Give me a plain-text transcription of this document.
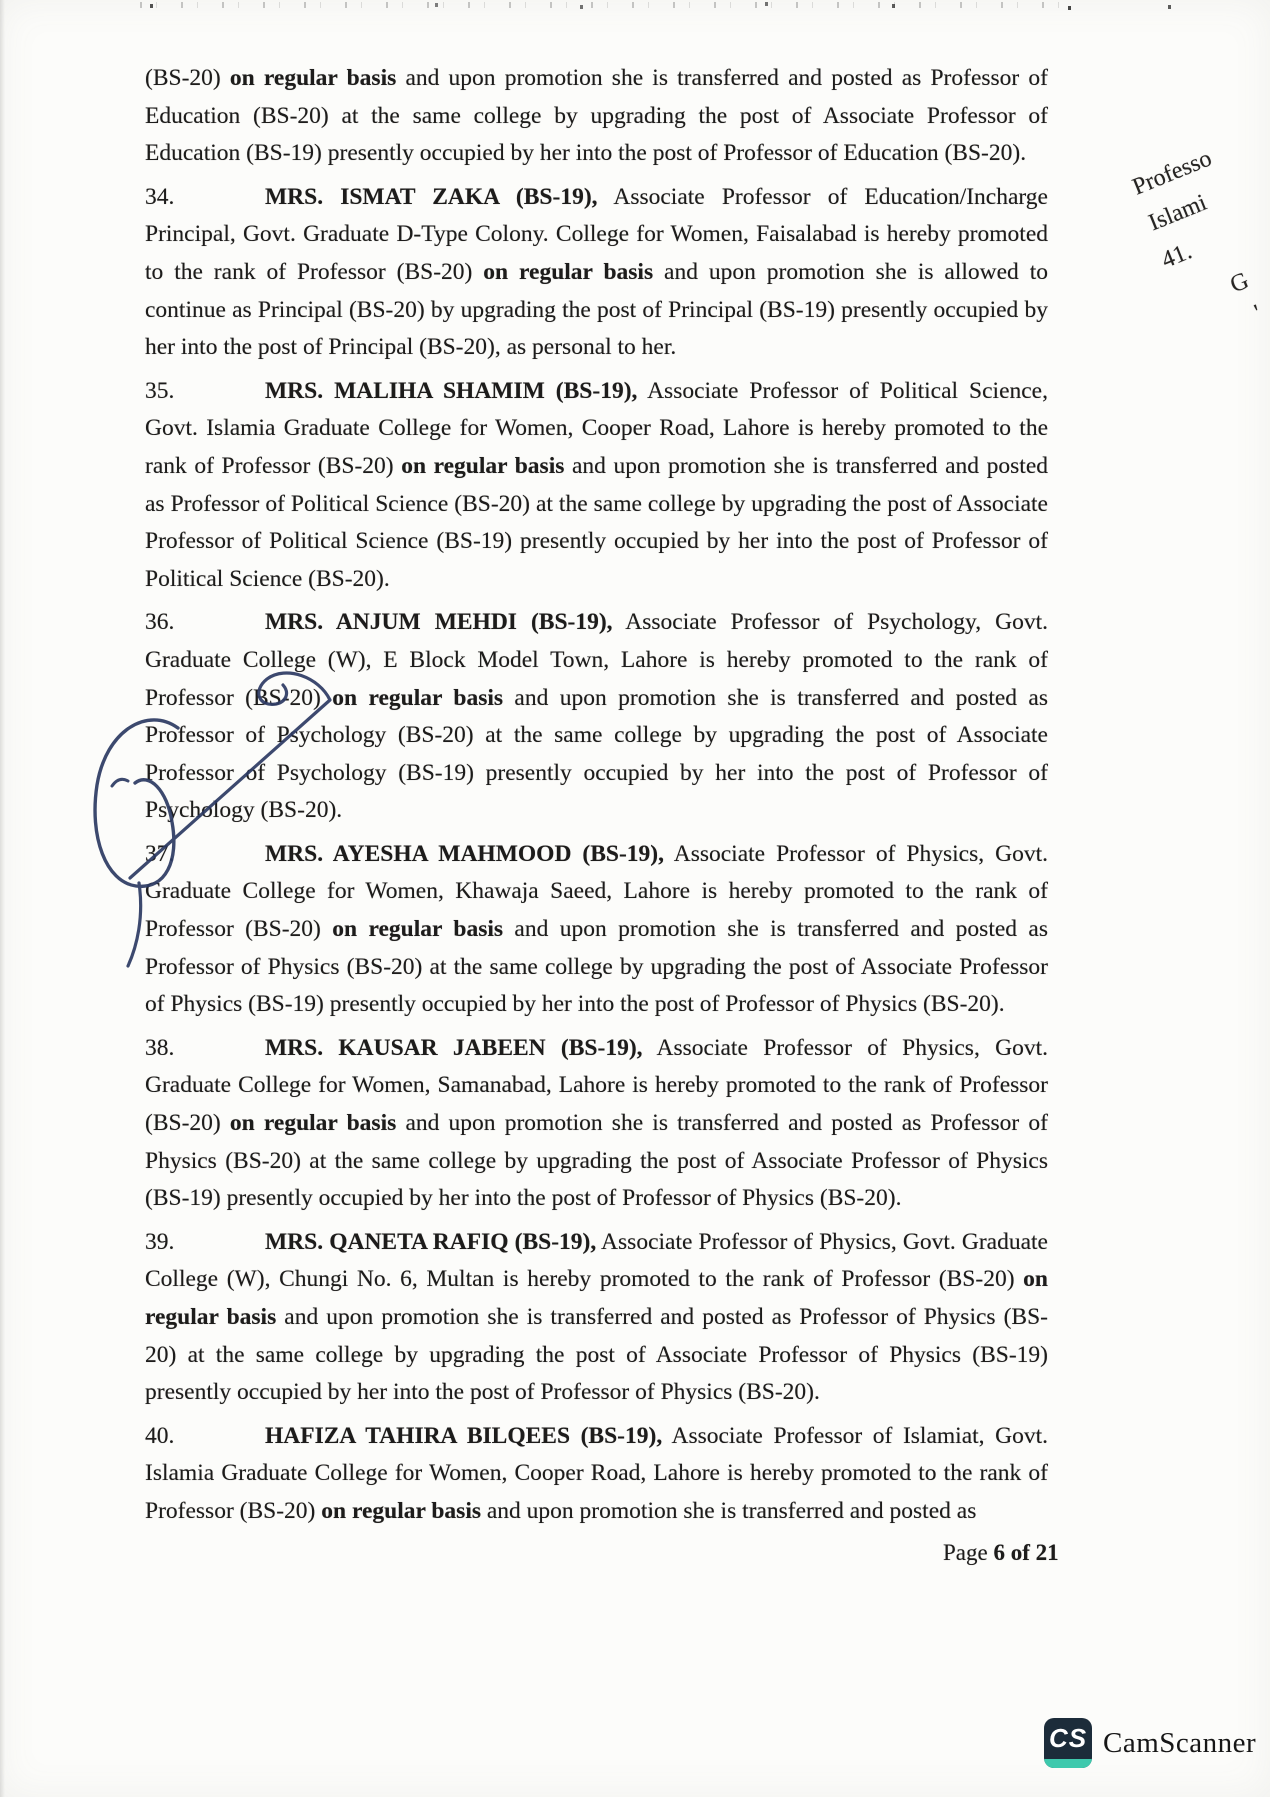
(BS-20) on regular basis and upon promotion she is transferred and posted as Professor of Education (BS-20) at the same college by upgrading the post of Associate Professor of Education (BS-19) presently occupied by her into the post of Professor of Education (BS-20).

34.	MRS. ISMAT ZAKA (BS-19), Associate Professor of Education/Incharge Principal, Govt. Graduate D-Type Colony. College for Women, Faisalabad is hereby promoted to the rank of Professor (BS-20) on regular basis and upon promotion she is allowed to continue as Principal (BS-20) by upgrading the post of Principal (BS-19) presently occupied by her into the post of Principal (BS-20), as personal to her.

35.	MRS. MALIHA SHAMIM (BS-19), Associate Professor of Political Science, Govt. Islamia Graduate College for Women, Cooper Road, Lahore is hereby promoted to the rank of Professor (BS-20) on regular basis and upon promotion she is transferred and posted as Professor of Political Science (BS-20) at the same college by upgrading the post of Associate Professor of Political Science (BS-19) presently occupied by her into the post of Professor of Political Science (BS-20).

36.	MRS. ANJUM MEHDI (BS-19), Associate Professor of Psychology, Govt. Graduate College (W), E Block Model Town, Lahore is hereby promoted to the rank of Professor (BS-20) on regular basis and upon promotion she is transferred and posted as Professor of Psychology (BS-20) at the same college by upgrading the post of Associate Professor of Psychology (BS-19) presently occupied by her into the post of Professor of Psychology (BS-20).

37.	MRS. AYESHA MAHMOOD (BS-19), Associate Professor of Physics, Govt. Graduate College for Women, Khawaja Saeed, Lahore is hereby promoted to the rank of Professor (BS-20) on regular basis and upon promotion she is transferred and posted as Professor of Physics (BS-20) at the same college by upgrading the post of Associate Professor of Physics (BS-19) presently occupied by her into the post of Professor of Physics (BS-20).

38.	MRS. KAUSAR JABEEN (BS-19), Associate Professor of Physics, Govt. Graduate College for Women, Samanabad, Lahore is hereby promoted to the rank of Professor (BS-20) on regular basis and upon promotion she is transferred and posted as Professor of Physics (BS-20) at the same college by upgrading the post of Associate Professor of Physics (BS-19) presently occupied by her into the post of Professor of Physics (BS-20).

39.	MRS. QANETA RAFIQ (BS-19), Associate Professor of Physics, Govt. Graduate College (W), Chungi No. 6, Multan is hereby promoted to the rank of Professor (BS-20) on regular basis and upon promotion she is transferred and posted as Professor of Physics (BS-20) at the same college by upgrading the post of Associate Professor of Physics (BS-19) presently occupied by her into the post of Professor of Physics (BS-20).

40.	HAFIZA TAHIRA BILQEES (BS-19), Associate Professor of Islamiat, Govt. Islamia Graduate College for Women, Cooper Road, Lahore is hereby promoted to the rank of Professor (BS-20) on regular basis and upon promotion she is transferred and posted as

Professo
Islami
41.
G
'
Page 6 of 21
CS CamScanner
